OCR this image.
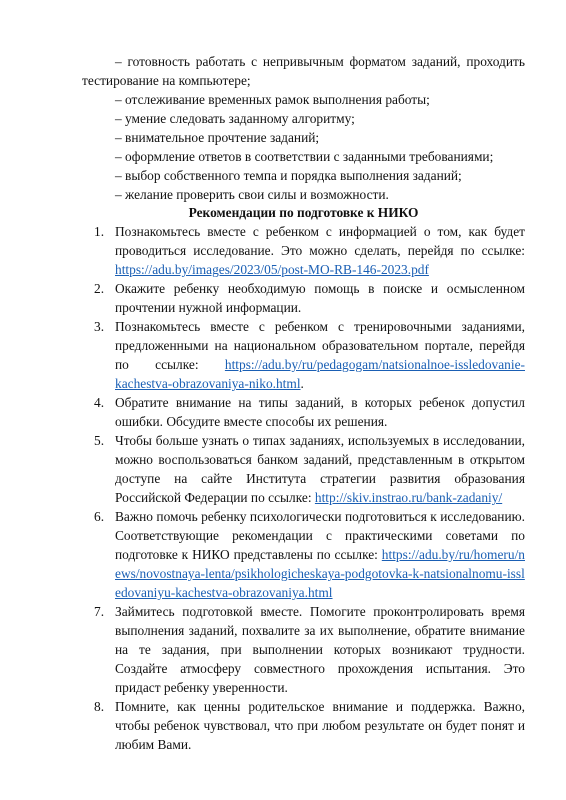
– готовность работать с непривычным форматом заданий, проходить тестирование на компьютере;

– отслеживание временных рамок выполнения работы;

– умение следовать заданному алгоритму;

– внимательное прочтение заданий;

– оформление ответов в соответствии с заданными требованиями;

– выбор собственного темпа и порядка выполнения заданий;

– желание проверить свои силы и возможности.

Рекомендации по подготовке к НИКО
1. Познакомьтесь вместе с ребенком с информацией о том, как будет проводиться исследование. Это можно сделать, перейдя по ссылке: https://adu.by/images/2023/05/post-MO-RB-146-2023.pdf
2. Окажите ребенку необходимую помощь в поиске и осмысленном прочтении нужной информации.
3. Познакомьтесь вместе с ребенком с тренировочными заданиями, предложенными на национальном образовательном портале, перейдя по ссылке: https://adu.by/ru/pedagogam/natsionalnoe-issledovanie-kachestva-obrazovaniya-niko.html.
4. Обратите внимание на типы заданий, в которых ребенок допустил ошибки. Обсудите вместе способы их решения.
5. Чтобы больше узнать о типах заданиях, используемых в исследовании, можно воспользоваться банком заданий, представленным в открытом доступе на сайте Института стратегии развития образования Российской Федерации по ссылке: http://skiv.instrao.ru/bank-zadaniy/
6. Важно помочь ребенку психологически подготовиться к исследованию. Соответствующие рекомендации с практическими советами по подготовке к НИКО представлены по ссылке: https://adu.by/ru/homeru/news/novostnaya-lenta/psikhologicheskaya-podgotovka-k-natsionalnomu-issledovaniyu-kachestva-obrazovaniya.html
7. Займитесь подготовкой вместе. Помогите проконтролировать время выполнения заданий, похвалите за их выполнение, обратите внимание на те задания, при выполнении которых возникают трудности. Создайте атмосферу совместного прохождения испытания. Это придаст ребенку уверенности.
8. Помните, как ценны родительское внимание и поддержка. Важно, чтобы ребенок чувствовал, что при любом результате он будет понят и любим Вами.
